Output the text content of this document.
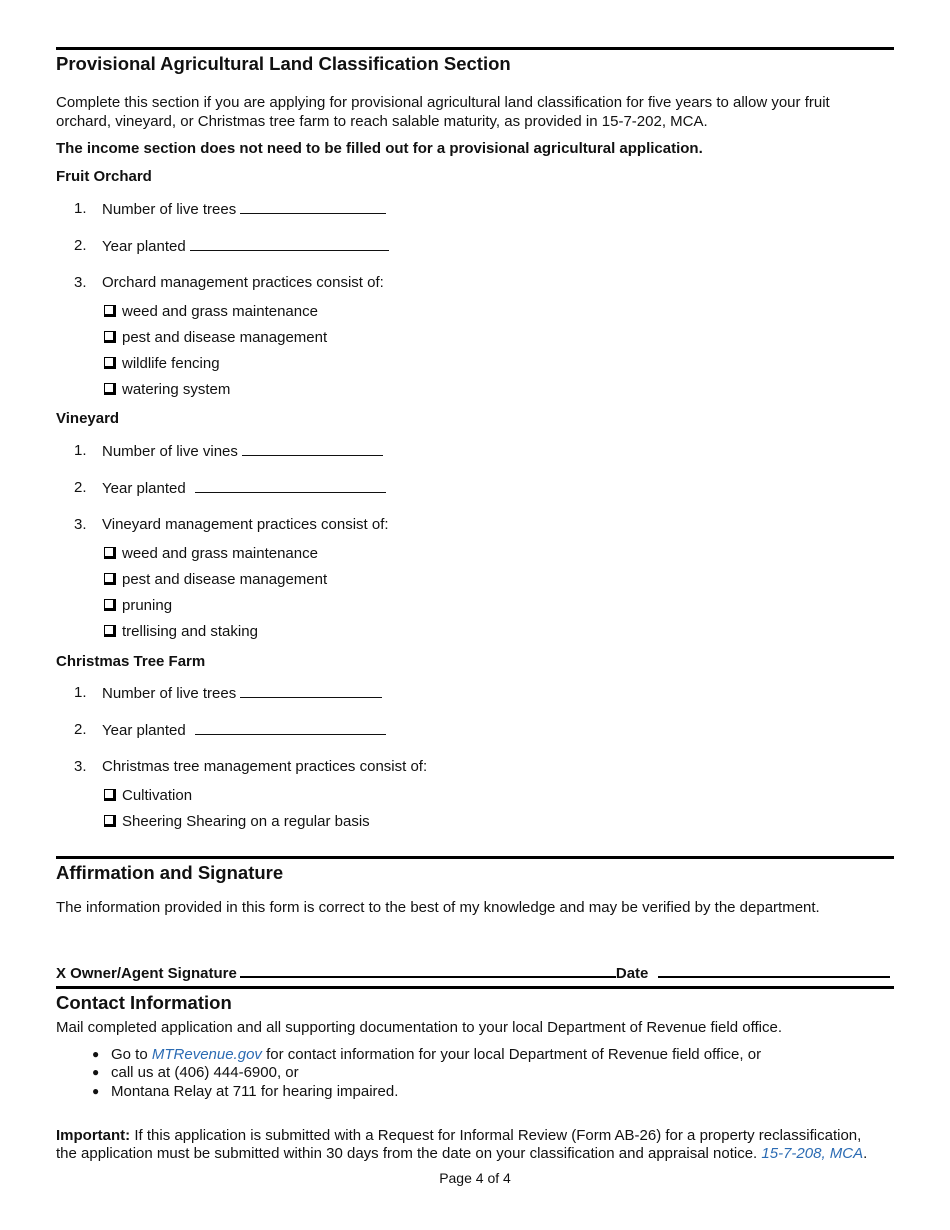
Provisional Agricultural Land Classification Section
Complete this section if you are applying for provisional agricultural land classification for five years to allow your fruit
orchard, vineyard, or Christmas tree farm to reach salable maturity, as provided in 15-7-202, MCA.
The income section does not need to be filled out for a provisional agricultural application.
Fruit Orchard
1. Number of live trees
2. Year planted
3. Orchard management practices consist of:
weed and grass maintenance
pest and disease management
wildlife fencing
watering system
Vineyard
1. Number of live vines
2. Year planted
3. Vineyard management practices consist of:
weed and grass maintenance
pest and disease management
pruning
trellising and staking
Christmas Tree Farm
1. Number of live trees
2. Year planted
3. Christmas tree management practices consist of:
Cultivation
Sheering Shearing on a regular basis
Affirmation and Signature
The information provided in this form is correct to the best of my knowledge and may be verified by the department.
X Owner/Agent Signature	Date
Contact Information
Mail completed application and all supporting documentation to your local Department of Revenue field office.
● Go to MTRevenue.gov for contact information for your local Department of Revenue field office, or
● call us at (406) 444-6900, or
● Montana Relay at 711 for hearing impaired.
Important: If this application is submitted with a Request for Informal Review (Form AB-26) for a property reclassification,
the application must be submitted within 30 days from the date on your classification and appraisal notice. 15-7-208, MCA.
Page 4 of 4
